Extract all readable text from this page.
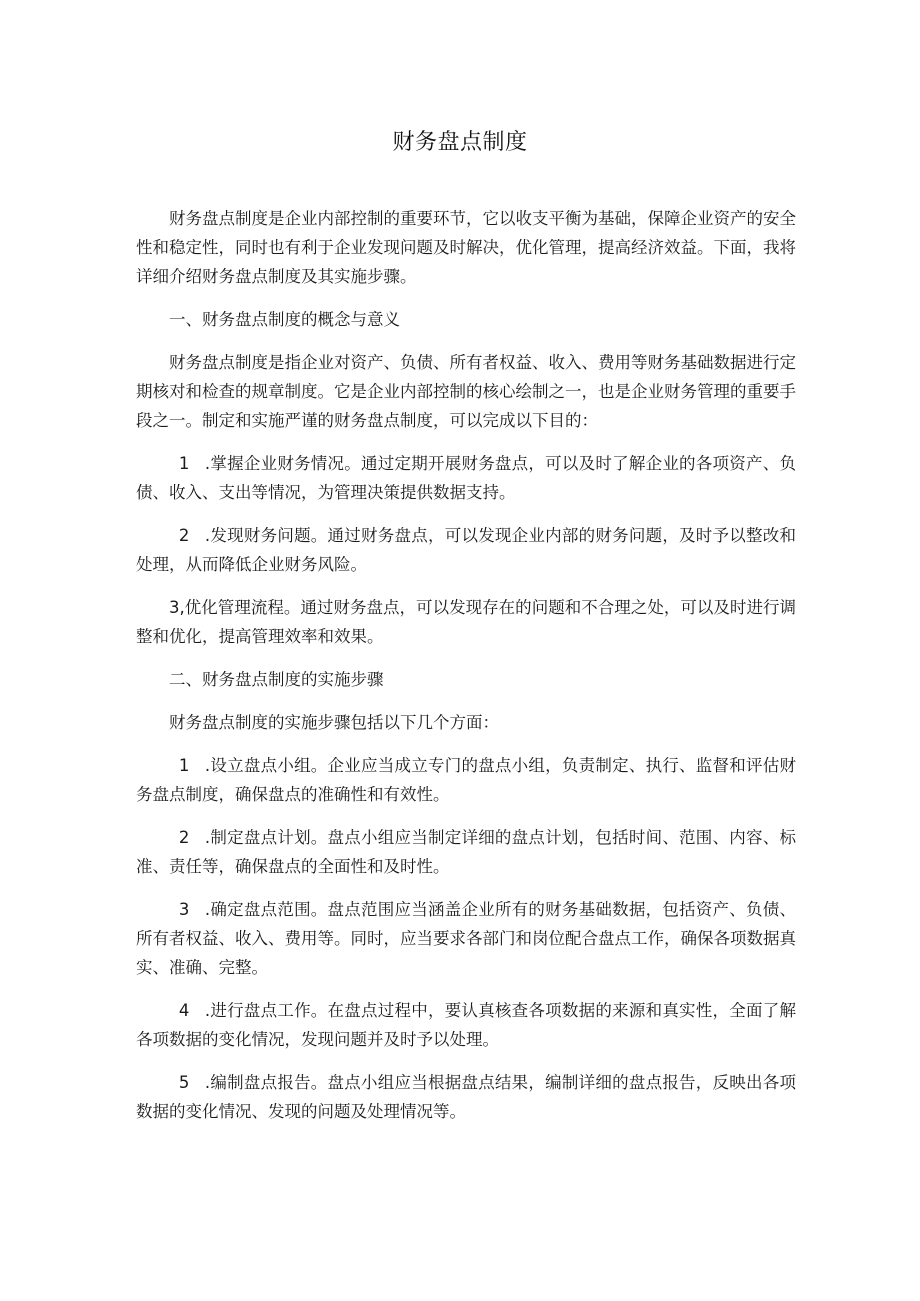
财务盘点制度

财务盘点制度是企业内部控制的重要环节，它以收支平衡为基础，保障企业资产的安全性和稳定性，同时也有利于企业发现问题及时解决，优化管理，提高经济效益。下面，我将详细介绍财务盘点制度及其实施步骤。

一、财务盘点制度的概念与意义

财务盘点制度是指企业对资产、负债、所有者权益、收入、费用等财务基础数据进行定期核对和检查的规章制度。它是企业内部控制的核心绘制之一，也是企业财务管理的重要手段之一。制定和实施严谨的财务盘点制度，可以完成以下目的：

1 .掌握企业财务情况。通过定期开展财务盘点，可以及时了解企业的各项资产、负债、收入、支出等情况，为管理决策提供数据支持。

2 .发现财务问题。通过财务盘点，可以发现企业内部的财务问题，及时予以整改和处理，从而降低企业财务风险。

3,优化管理流程。通过财务盘点，可以发现存在的问题和不合理之处，可以及时进行调整和优化，提高管理效率和效果。

二、财务盘点制度的实施步骤

财务盘点制度的实施步骤包括以下几个方面：

1 .设立盘点小组。企业应当成立专门的盘点小组，负责制定、执行、监督和评估财务盘点制度，确保盘点的准确性和有效性。

2 .制定盘点计划。盘点小组应当制定详细的盘点计划，包括时间、范围、内容、标准、责任等，确保盘点的全面性和及时性。

3 .确定盘点范围。盘点范围应当涵盖企业所有的财务基础数据，包括资产、负债、所有者权益、收入、费用等。同时，应当要求各部门和岗位配合盘点工作，确保各项数据真实、准确、完整。

4 .进行盘点工作。在盘点过程中，要认真核查各项数据的来源和真实性，全面了解各项数据的变化情况，发现问题并及时予以处理。

5 .编制盘点报告。盘点小组应当根据盘点结果，编制详细的盘点报告，反映出各项数据的变化情况、发现的问题及处理情况等。
